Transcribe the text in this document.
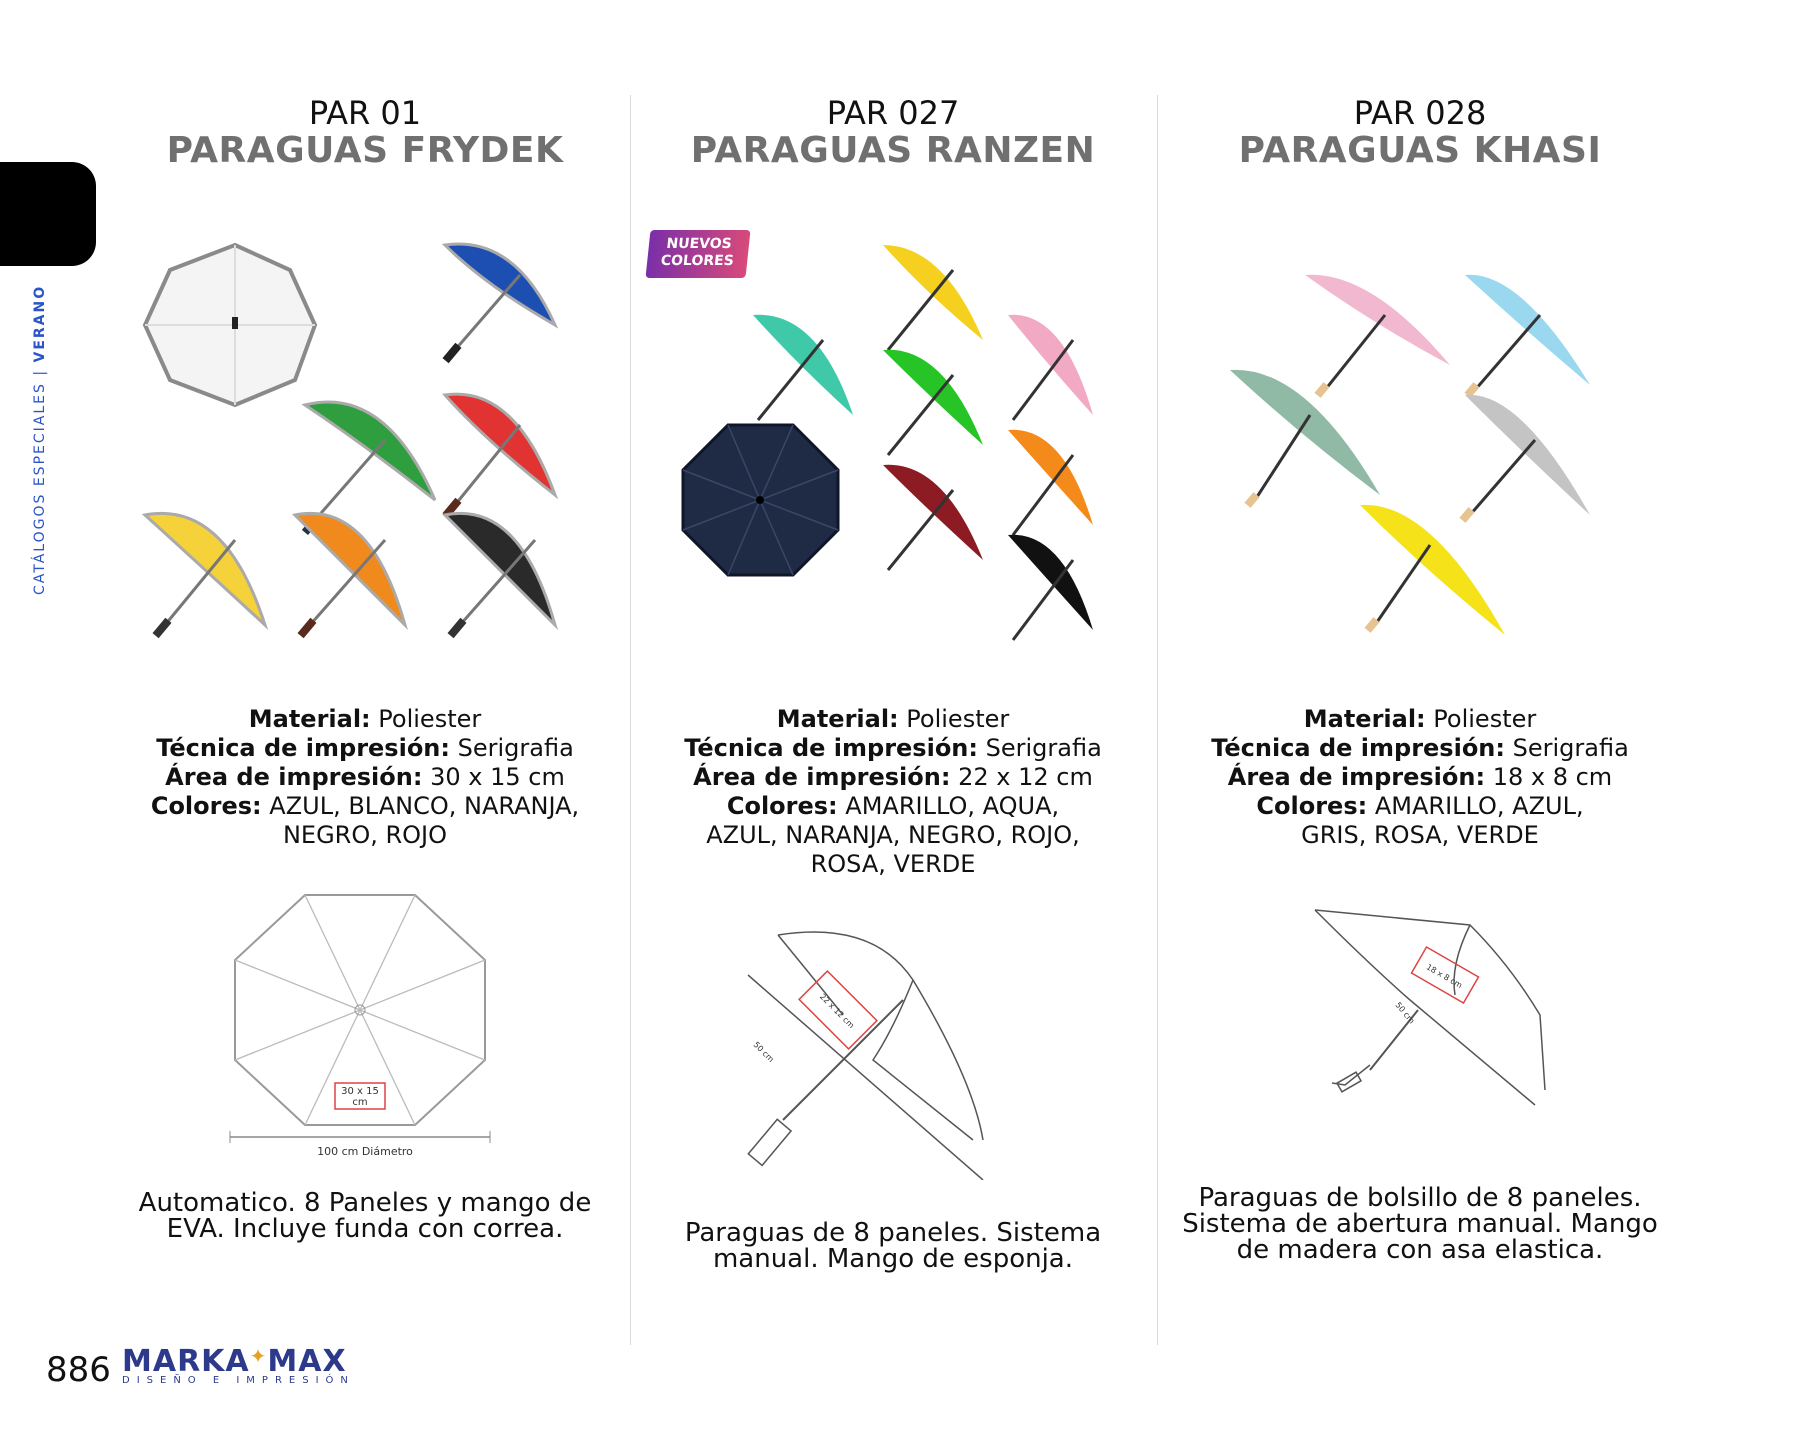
CATÁLOGOS ESPECIALES | VERANO
PAR 01
PARAGUAS FRYDEK
Material: Poliester
Técnica de impresión: Serigrafia
Área de impresión: 30 x 15 cm
Colores: AZUL, BLANCO, NARANJA, NEGRO, ROJO
30 x 15
cm
100 cm Diámetro
Automatico. 8 Paneles y mango de EVA. Incluye funda con correa.
PAR 027
PARAGUAS RANZEN
NUEVOS
COLORES
Material: Poliester
Técnica de impresión: Serigrafia
Área de impresión: 22 x 12 cm
Colores: AMARILLO, AQUA, AZUL, NARANJA, NEGRO, ROJO, ROSA, VERDE
22 x 12 cm
50 cm
Paraguas de 8 paneles. Sistema manual. Mango de esponja.
PAR 028
PARAGUAS KHASI
Material: Poliester
Técnica de impresión: Serigrafia
Área de impresión: 18 x 8 cm
Colores: AMARILLO, AZUL, GRIS, ROSA, VERDE
18 x 8 cm
50 cm
Paraguas de bolsillo de 8 paneles. Sistema de abertura manual. Mango de madera con asa elastica.
886 MARKA✦MAX
DISEÑO E IMPRESIÓN
